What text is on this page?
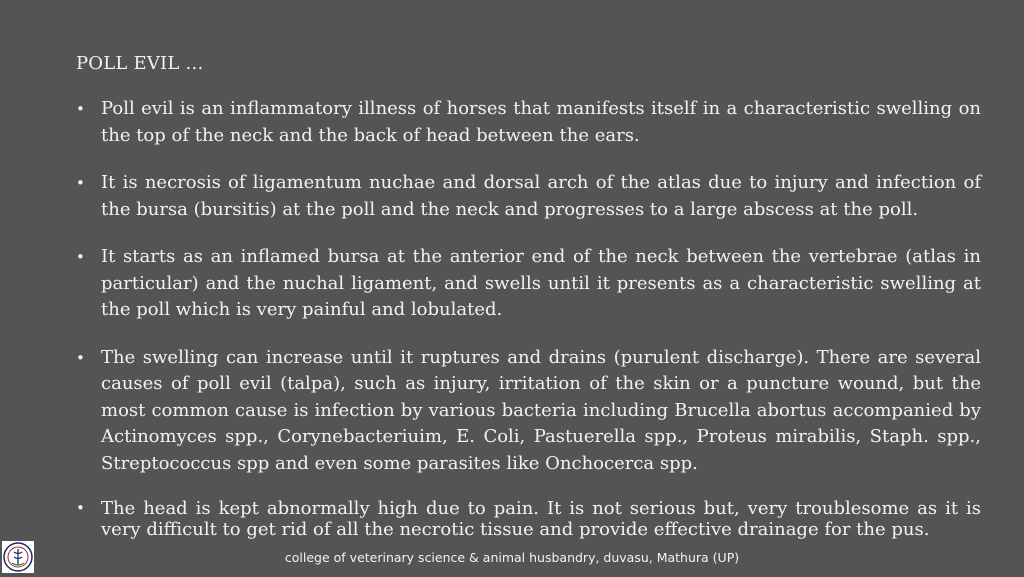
POLL EVIL …
• Poll evil is an inflammatory illness of horses that manifests itself in a characteristic swelling on the top of the neck and the back of head between the ears.
• It is necrosis of ligamentum nuchae and dorsal arch of the atlas due to injury and infection of the bursa (bursitis) at the poll and the neck and progresses to a large abscess at the poll.
• It starts as an inflamed bursa at the anterior end of the neck between the vertebrae (atlas in particular) and the nuchal ligament, and swells until it presents as a characteristic swelling at the poll which is very painful and lobulated.
• The swelling can increase until it ruptures and drains (purulent discharge). There are several causes of poll evil (talpa), such as injury, irritation of the skin or a puncture wound, but the most common cause is infection by various bacteria including Brucella abortus accompanied by Actinomyces spp., Corynebacteriuim, E. Coli, Pastuerella spp., Proteus mirabilis, Staph. spp., Streptococcus spp and even some parasites like Onchocerca spp.
• The head is kept abnormally high due to pain. It is not serious but, very troublesome as it is very difficult to get rid of all the necrotic tissue and provide effective drainage for the pus.
college of veterinary science & animal husbandry, duvasu, Mathura (UP)
